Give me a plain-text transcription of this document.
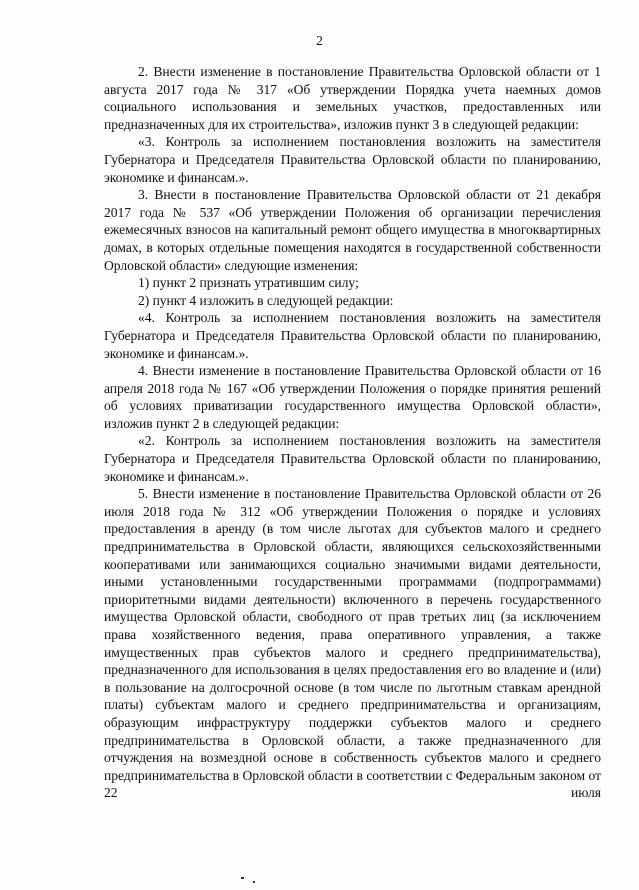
2

2. Внести изменение в постановление Правительства Орловской области от 1 августа 2017 года № 317 «Об утверждении Порядка учета наемных домов социального использования и земельных участков, предоставленных или предназначенных для их строительства», изложив пункт 3 в следующей редакции:

«3. Контроль за исполнением постановления возложить на заместителя Губернатора и Председателя Правительства Орловской области по планированию, экономике и финансам.».

3. Внести в постановление Правительства Орловской области от 21 декабря 2017 года № 537 «Об утверждении Положения об организации перечисления ежемесячных взносов на капитальный ремонт общего имущества в многоквартирных домах, в которых отдельные помещения находятся в государственной собственности Орловской области» следующие изменения:

1) пункт 2 признать утратившим силу;

2) пункт 4 изложить в следующей редакции:

«4. Контроль за исполнением постановления возложить на заместителя Губернатора и Председателя Правительства Орловской области по планированию, экономике и финансам.».

4. Внести изменение в постановление Правительства Орловской области от 16 апреля 2018 года № 167 «Об утверждении Положения о порядке принятия решений об условиях приватизации государственного имущества Орловской области», изложив пункт 2 в следующей редакции:

«2. Контроль за исполнением постановления возложить на заместителя Губернатора и Председателя Правительства Орловской области по планированию, экономике и финансам.».

5. Внести изменение в постановление Правительства Орловской области от 26 июля 2018 года № 312 «Об утверждении Положения о порядке и условиях предоставления в аренду (в том числе льготах для субъектов малого и среднего предпринимательства в Орловской области, являющихся сельскохозяйственными кооперативами или занимающихся социально значимыми видами деятельности, иными установленными государственными программами (подпрограммами) приоритетными видами деятельности) включенного в перечень государственного имущества Орловской области, свободного от прав третьих лиц (за исключением права хозяйственного ведения, права оперативного управления, а также имущественных прав субъектов малого и среднего предпринимательства), предназначенного для использования в целях предоставления его во владение и (или) в пользование на долгосрочной основе (в том числе по льготным ставкам арендной платы) субъектам малого и среднего предпринимательства и организациям, образующим инфраструктуру поддержки субъектов малого и среднего предпринимательства в Орловской области, а также предназначенного для отчуждения на возмездной основе в собственность субъектов малого и среднего предпринимательства в Орловской области в соответствии с Федеральным законом от 22 июля
